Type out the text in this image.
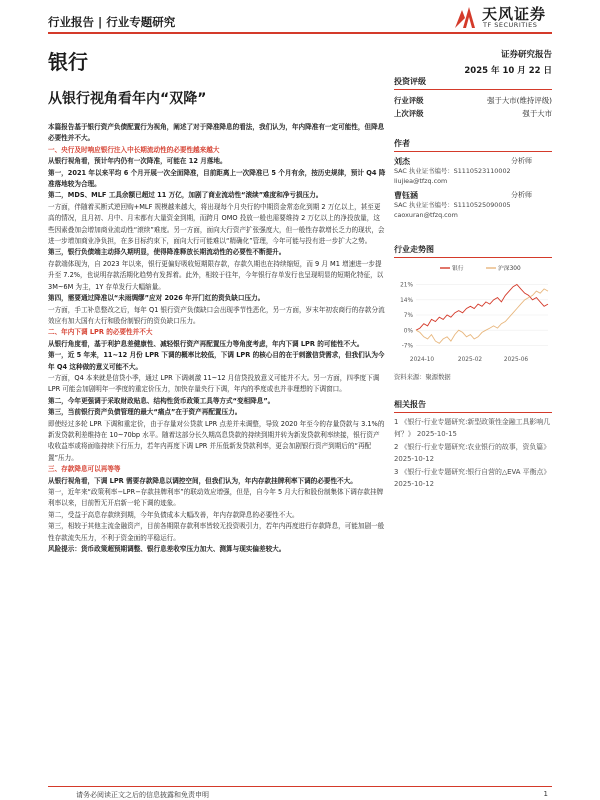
行业报告 | 行业专题研究	天风证券
TF SECURITIES
银行	证券研究报告
2025 年 10 月 22 日
从银行视角看年内“双降”

本篇报告基于银行资产负债配置行为视角，阐述了对于降准降息的看法，我们认为，年内降准有一定可能性，但降息必要性并不大。

一、央行及时响应银行注入中长期流动性的必要性越来越大

从银行视角看，预计年内仍有一次降准，可能在 12 月落地。

第一，2021 年以来平均 6 个月开展一次全面降准，目前距离上一次降准已 5 个月有余，按历史规律，预计 Q4 降准落地较为合理。

第二，MDS、MLF 工具余额已超过 11 万亿，加剧了商业流动性“滚续”难度和净亏损压力。

一方面，伴随着买断式逆回购+MLF 规模越来越大，将出现每个月央行的中期资金常态化到期 2 万亿以上，甚至更高的情况，且月初、月中、月末都有大量资金到期，而跨月 OMO 投放一般也需要维持 2 万亿以上的净投放量，这些因素叠加会增加商业流动性“滚续”难度。另一方面，面向大行资产扩张强度大，但一般性存款增长乏力的现状，会进一步增加商业净负担，在多目标约束下，面向大行可能难以“精确化”管理，今年可能与投有进一步扩大之势。

第三，银行负债端主动择久期明显，使得降准释放长期流动性的必要性不断提升。

存款端体现为，自 2023 年以来，银行更偏好吸收短期限存款，存款久期也在持续缩短，而 9 月 M1 增速进一步提升至 7.2%，也说明存款活期化趋势有发挥着。此外，相较于往年，今年银行存单发行也呈现明显的短期化特征，以 3M~6M 为主，1Y 存单发行大幅缩量。

第四，需要通过降准以“未雨绸缪”应对 2026 年开门红的资负缺口压力。

一方面，手工补息整改之后，每年 Q1 银行资产负债缺口会出现季节性恶化，另一方面，岁末年初农商行的存款分流效应有加大国有大行和股份制银行的资负缺口压力。

二、年内下调 LPR 的必要性并不大

从银行角度看，基于利护息差健康性、减轻银行资产再配置压力等角度考虑，年内下调 LPR 的可能性不大。

第一，近 5 年来，11~12 月份 LPR 下调的概率比较低，下调 LPR 的核心目的在于刺激信贷需求，但我们认为今年 Q4 这种做的意义可能不大。

一方面，Q4 本来就是信贷小季，通过 LPR 下调刺激 11~12 月信贷投放意义可能并不大。另一方面，四季度下调 LPR 可能会加剧明年一季度的重定价压力，加快存量央行下调，年内的季度或也并非理想的下调窗口。

第二，今年更强调于采取财政贴息、结构性货币政策工具等方式“变相降息”。

第三，当前银行资产负债管理的最大“痛点”在于资产再配置压力。

即使经过多轮 LPR 下调和重定价，由于存量对公贷款 LPR 点差并未调整，导致 2020 年至今的存量贷款与 3.1%的新发贷款利差维持在 10~70bp 水平。随着这部分长久期高息贷款的持续到期并转为新发贷款利率续接，银行资产收收益率或将面临持续下行压力，若年内再度下调 LPR 并压低新发贷款利率，更会加剧银行资产到期后的“再配置”压力。

三、存款降息可以再等等

从银行视角看，下调 LPR 需要存款降息以调控空间，但我们认为，年内存款挂牌利率下调的必要性不大。

第一，近年来“政策利率−LPR−存款挂牌利率”的联动效应增强，但是，自今年 5 月大行和股份制集体下调存款挂牌利率以来，目前暂无开启新一轮下调的迹象。

第二，受益于高息存款续到期，今年负债成本大幅改善，年内存款降息的必要性不大。

第三，相较于其他主流金融资产，目前各期限存款利率皆较无投资吸引力，若年内再度进行存款降息，可能加剧一般性存款流失压力，不利于资金面的平稳运行。

风险提示：货币政策超预期调整、银行息差收窄压力加大、测算与现实偏差较大。

投资评级
行业评级	强于大市(维持评级)
上次评级	强于大市
作者
刘杰	分析师
SAC 执业证书编号：S1110523110002
liujiea@tfzq.com
曹钰涵	分析师
SAC 执业证书编号：S1110525090005
caoxuran@tfzq.com
行业走势图
21%
14%
7%
0%
-7%
2024-10	2025-02	2025-06
银行	沪深300
资料来源：聚源数据
相关报告
1 《银行-行业专题研究:新型政策性金融工具影响几何？》 2025-10-15
2 《银行-行业专题研究:农业银行的故事，资负篇》 2025-10-12
3 《银行-行业专题研究:银行自营的△EVA 平衡点》 2025-10-12
请务必阅读正文之后的信息披露和免责申明	1
